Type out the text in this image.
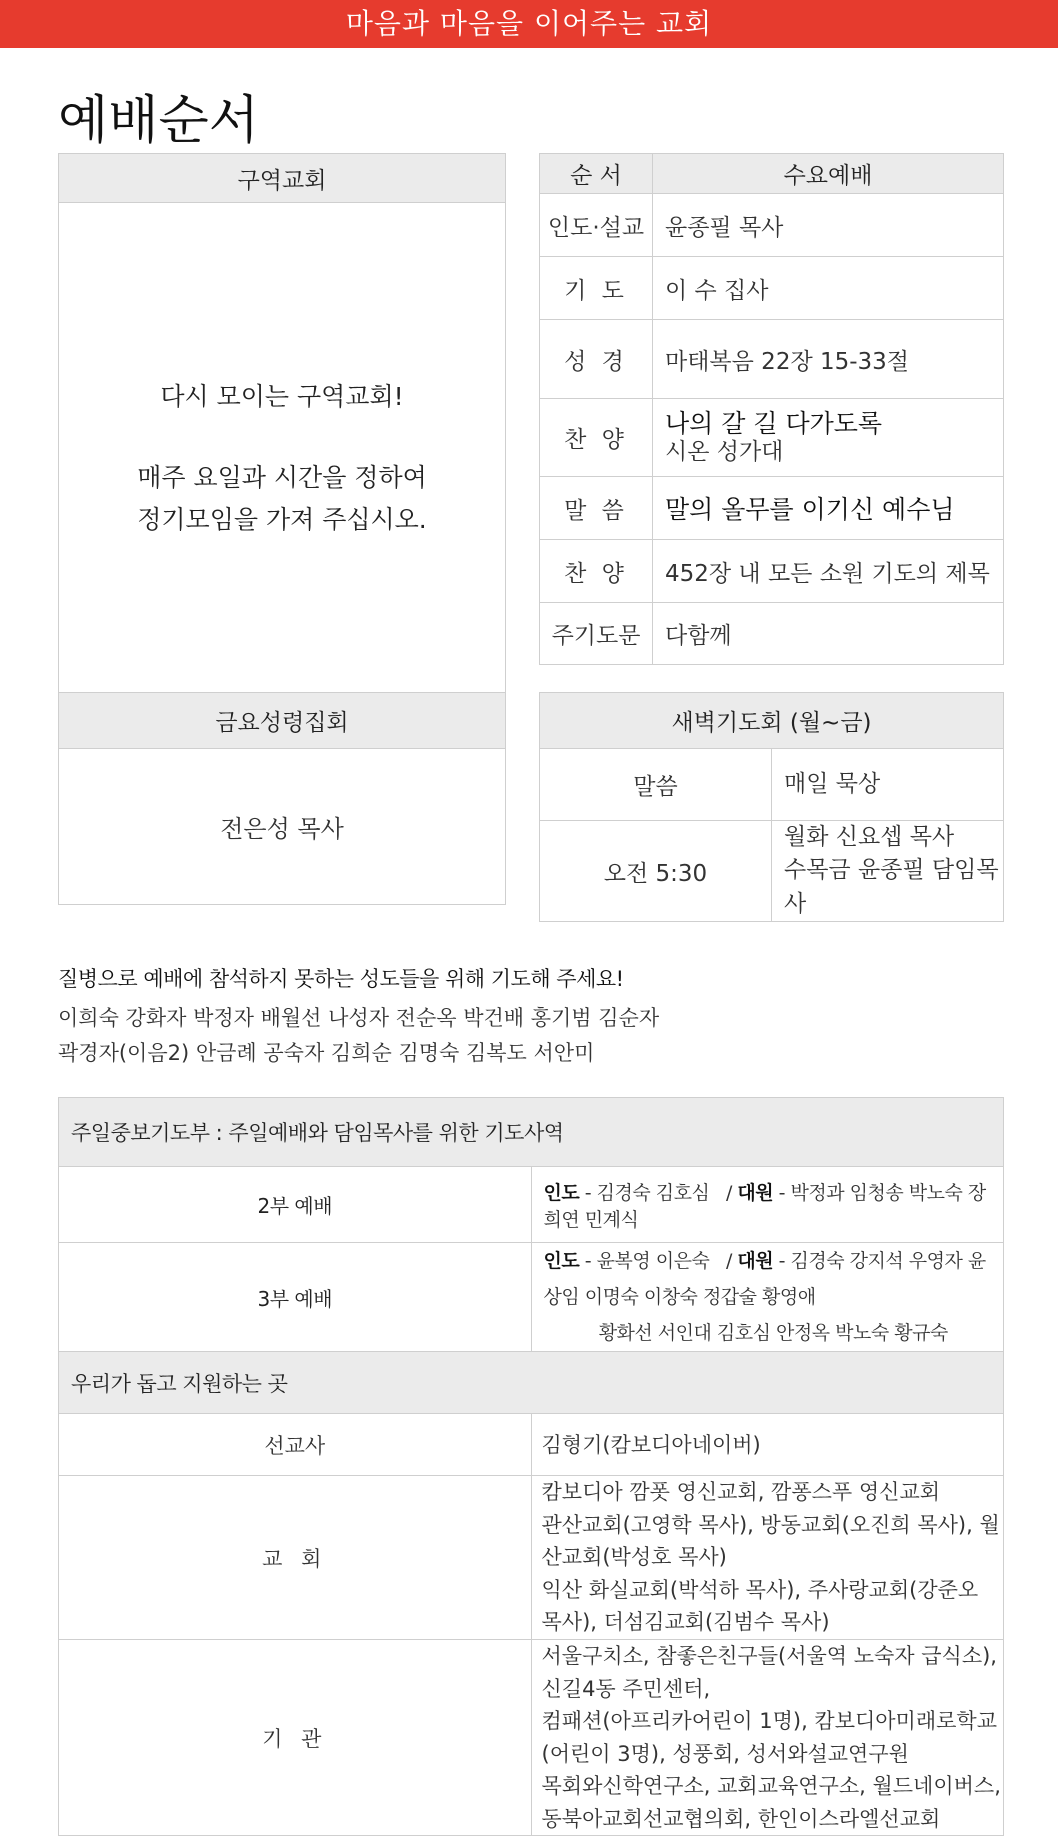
마음과 마음을 이어주는 교회
예배순서
구역교회

다시 모이는 구역교회!
매주 요일과 시간을 정하여
정기모임을 가져 주십시오.
순 서	수요예배
인도·설교	윤종필 목사
기 도	이 수 집사
성 경	마태복음 22장 15-33절
찬 양	나의 갈 길 다가도록
시온 성가대

말 씀	말의 올무를 이기신 예수님
찬 양	452장 내 모든 소원 기도의 제목
주기도문	다함께
금요성령집회
전은성 목사
새벽기도회 (월~금)	
말씀	매일 묵상
오전 5:30	월화 신요셉 목사
수목금 윤종필 담임목사
질병으로 예배에 참석하지 못하는 성도들을 위해 기도해 주세요!
이희숙 강화자 박정자 배월선 나성자 전순옥 박건배 홍기범 김순자
곽경자(이음2) 안금례 공숙자 김희순 김명숙 김복도 서안미
주일중보기도부 : 주일예배와 담임목사를 위한 기도사역	
2부 예배	인도 - 김경숙 김호심   / 대원 - 박정과 임청송 박노숙 장희연 민계식
3부 예배	인도 - 윤복영 이은숙   / 대원 - 김경숙 강지석 우영자 윤상임 이명숙 이창숙 정갑술 황영애
황화선 서인대 김호심 안정옥 박노숙 황규숙

우리가 돕고 지원하는 곳	
선교사	김형기(캄보디아네이버)
교 회	캄보디아 깜폿 영신교회, 깜퐁스푸 영신교회
관산교회(고영학 목사), 방동교회(오진희 목사), 월산교회(박성호 목사)
익산 화실교회(박석하 목사), 주사랑교회(강준오 목사), 더섬김교회(김범수 목사)

기 관	서울구치소, 참좋은친구들(서울역 노숙자 급식소), 신길4동 주민센터,
컴패션(아프리카어린이 1명), 캄보디아미래로학교(어린이 3명), 성풍회, 성서와설교연구원
목회와신학연구소, 교회교육연구소, 월드네이버스, 동북아교회선교협의회, 한인이스라엘선교회
